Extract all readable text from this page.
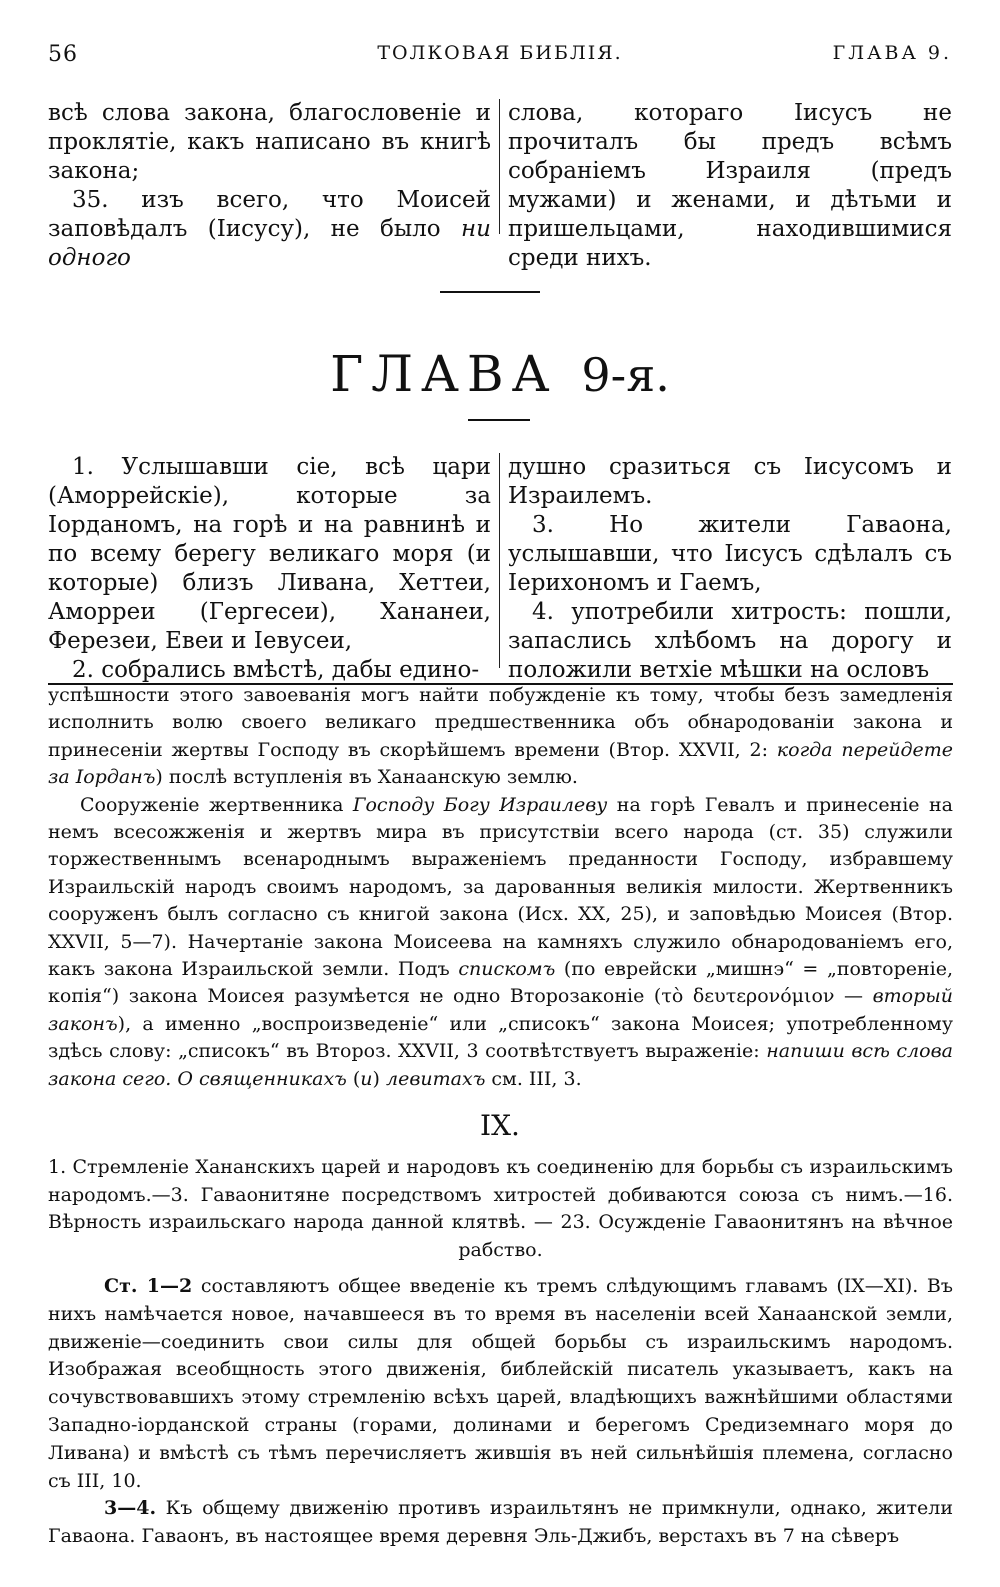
56	ТОЛКОВАЯ БИБЛІЯ.	ГЛАВА 9.

всѣ слова закона, благословеніе и проклятіе, какъ написано въ книгѣ закона;

35. изъ всего, что Моисей заповѣдалъ (Іисусу), не было ни одного

слова, котораго Іисусъ не прочиталъ бы предъ всѣмъ собраніемъ Израиля (предъ мужами) и женами, и дѣтьми и пришельцами, находившимися среди нихъ.

ГЛАВА 9-я.

1. Услышавши сіе, всѣ цари (Аморрейскіе), которые за Іорданомъ, на горѣ и на равнинѣ и по всему берегу великаго моря (и которые) близъ Ливана, Хеттеи, Аморреи (Гергесеи), Хананеи, Ферезеи, Евеи и Іевусеи,

2. собрались вмѣстѣ, дабы едино-

душно сразиться съ Іисусомъ и Израилемъ.

3. Но жители Гаваона, услышавши, что Іисусъ сдѣлалъ съ Іерихономъ и Гаемъ,

4. употребили хитрость: пошли, запаслись хлѣбомъ на дорогу и положили ветхіе мѣшки на ословъ

успѣшности этого завоеванія могъ найти побужденіе къ тому, чтобы безъ замедленія исполнить волю своего великаго предшественника объ обнародованіи закона и принесеніи жертвы Господу въ скорѣйшемъ времени (Втор. XXVII, 2: когда перейдете за Іорданъ) послѣ вступленія въ Ханаанскую землю.

Сооруженіе жертвенника Господу Богу Израилеву на горѣ Гевалъ и принесеніе на немъ всесожженія и жертвъ мира въ присутствіи всего народа (ст. 35) служили торжественнымъ всенароднымъ выраженіемъ преданности Господу, избравшему Израильскій народъ своимъ народомъ, за дарованныя великія милости. Жертвенникъ сооруженъ былъ согласно съ книгой закона (Исх. XX, 25), и заповѣдью Моисея (Втор. XXVII, 5—7). Начертаніе закона Моисеева на камняхъ служило обнародованіемъ его, какъ закона Израильской земли. Подъ спискомъ (по еврейски „мишнэ“ = „повтореніе, копія“) закона Моисея разумѣется не одно Второзаконіе (τὸ δευτερονόμιον — вторый законъ), а именно „воспроизведеніе“ или „списокъ“ закона Моисея; употребленному здѣсь слову: „списокъ“ въ Второз. XXVII, 3 соотвѣтствуетъ выраженіе: напиши всѣ слова закона сего. О священникахъ (и) левитахъ см. III, 3.

IX.

1. Стремленіе Хананскихъ царей и народовъ къ соединенію для борьбы съ израильскимъ народомъ.—3. Гаваонитяне посредствомъ хитростей добиваются союза съ нимъ.—16. Вѣрность израильскаго народа данной клятвѣ. — 23. Осужденіе Гаваонитянъ на вѣчное рабство.

Ст. 1—2 составляютъ общее введеніе къ тремъ слѣдующимъ главамъ (IX—XI). Въ нихъ намѣчается новое, начавшееся въ то время въ населеніи всей Ханаанской земли, движеніе—соединить свои силы для общей борьбы съ израильскимъ народомъ. Изображая всеобщность этого движенія, библейскій писатель указываетъ, какъ на сочувствовавшихъ этому стремленію всѣхъ царей, владѣющихъ важнѣйшими областями Западно-іорданской страны (горами, долинами и берегомъ Средиземнаго моря до Ливана) и вмѣстѣ съ тѣмъ перечисляетъ жившія въ ней сильнѣйшія племена, согласно съ III, 10.

3—4. Къ общему движенію противъ израильтянъ не примкнули, однако, жители Гаваона. Гаваонъ, въ настоящее время деревня Эль-Джибъ, верстахъ въ 7 на сѣверъ
